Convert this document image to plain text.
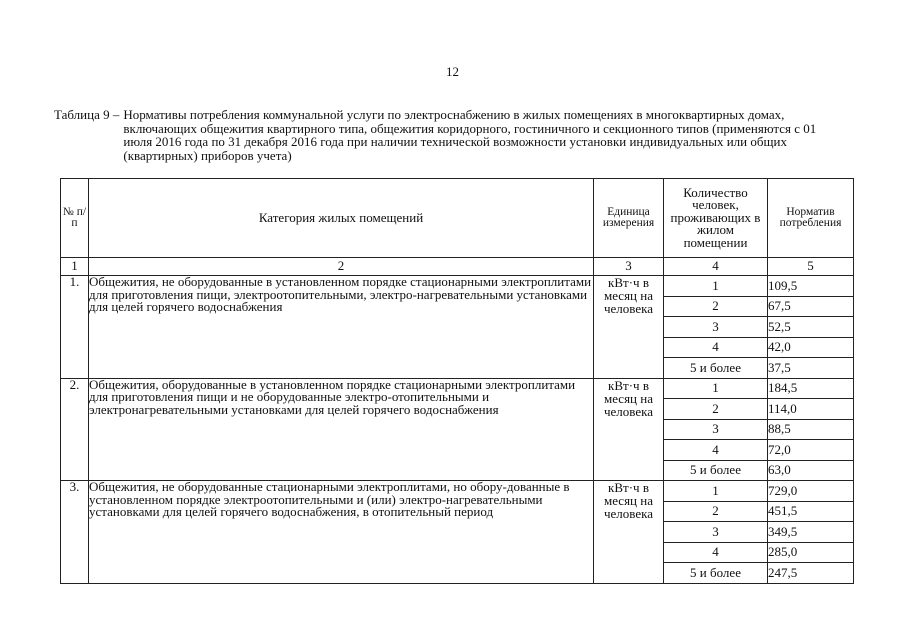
12
Таблица 9 – Нормативы потребления коммунальной услуги по электроснабжению в жилых помещениях в многоквартирных домах, включающих общежития квартирного типа, общежития коридорного, гостиничного и секционного типов (применяются с 01 июля 2016 года по 31 декабря 2016 года при наличии технической возможности установки индивидуальных или общих (квартирных) приборов учета)
№ п/п	Категория жилых помещений	Единица измерения	Количество человек, проживающих в жилом помещении	Норматив потребления
1	2	3	4	5
1.	Общежития, не оборудованные в установленном порядке стационарными электроплитами для приготовления пищи, электроотопительными, электро-нагревательными установками для целей горячего водоснабжения	кВт·ч в месяц на человека	1	109,5
			2	67,5
			3	52,5
			4	42,0
			5 и более	37,5
2.	Общежития, оборудованные в установленном порядке стационарными электроплитами для приготовления пищи и не оборудованные электро-отопительными и электронагревательными установками для целей горячего водоснабжения	кВт·ч в месяц на человека	1	184,5
			2	114,0
			3	88,5
			4	72,0
			5 и более	63,0
3.	Общежития, не оборудованные стационарными электроплитами, но обору-дованные в установленном порядке электроотопительными и (или) электро-нагревательными установками для целей горячего водоснабжения, в отопительный период	кВт·ч в месяц на человека	1	729,0
			2	451,5
			3	349,5
			4	285,0
			5 и более	247,5
